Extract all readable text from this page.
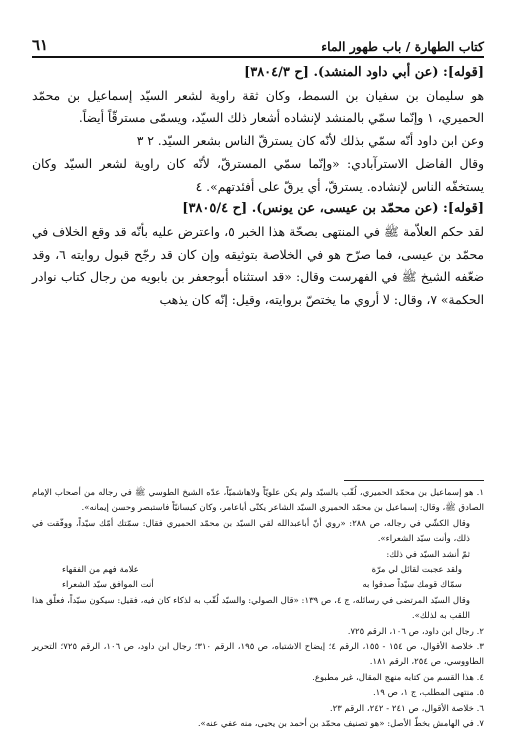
كتاب الطهارة / باب طهور الماء
٦١

[قوله]: (عن أبي داود المنشد). [ح ٣٨٠٤/٣]

هو سليمان بن سفيان بن السمط، وكان ثقة راوية لشعر السيّد إسماعيل بن محمّد الحميري، ١ وإنّما سمّي بالمنشد لإنشاده أشعار ذلك السيّد، ويسمّى مسترقّاً أيضاً.

وعن ابن داود أنّه سمّي بذلك لأنّه كان يسترقّ الناس بشعر السيّد. ٢ ٣

وقال الفاضل الاسترآبادي: «وإنّما سمّي المسترقّ، لأنّه كان راوية لشعر السيّد وكان يستخفّه الناس لإنشاده. يسترقّ، أي يرقّ على أفئدتهم». ٤

[قوله]: (عن محمّد بن عيسى، عن يونس). [ح ٣٨٠٥/٤]

لقد حكم العلاّمة ﷺ في المنتهى بصحّة هذا الخبر ٥، واعترض عليه بأنّه قد وقع الخلاف في محمّد بن عيسى، فما صرّح هو في الخلاصة بتوثيقه وإن كان قد رجّح قبول روايته ٦، وقد ضعّفه الشيخ ﷺ في الفهرست وقال: «قد استثناه أبوجعفر بن بابويه من رجال كتاب نوادر الحكمة» ٧، وقال: لا أروي ما يختصّ بروايته، وقيل: إنّه كان يذهب

١. هو إسماعيل بن محمّد الحميري، لُقّب بالسيّد ولم يكن علويّاً ولاهاشميّاً، عدّه الشيخ الطوسي ﷺ في رجاله من أصحاب الإمام الصادق ﷺ، وقال: إسماعيل بن محمّد الحميري السيّد الشاعر يكنّى أباعامر، وكان كيسانيّاً فاستبصر وحسن إيمانه».

وقال الكشّي في رجاله، ص ٢٨٨: «روي أنّ أباعبدالله لقي السيّد بن محمّد الحميري فقال: سمّتك أمّك سيّداً، ووفّقت في ذلك، وأنت سيّد الشعراء».

ثمّ أنشد السيّد في ذلك:

ولقد عجبت لقائل لي مرّة
علامة فهم من الفقهاء
سمّاك قومك سيّداً صدقوا به
أنت الموافق سيّد الشعراء

وقال السيّد المرتضى في رسائله، ج ٤، ص ١٣٩: «قال الصولي: والسيّد لُقّب به لذكاء كان فيه، فقيل: سيكون سيّداً، فعلّق هذا اللقب به لذلك».

٢. رجال ابن داود، ص ١٠٦، الرقم ٧٢٥.

٣. خلاصة الأقوال، ص ١٥٤ - ١٥٥، الرقم ٤؛ إيضاح الاشتباه، ص ١٩٥، الرقم ٣١٠؛ رجال ابن داود، ص ١٠٦، الرقم ٧٢٥؛ التحرير الطاووسي، ص ٢٥٤، الرقم ١٨١.

٤. هذا القسم من كتابه منهج المقال، غير مطبوع.

٥. منتهى المطلب، ج ١، ص ١٩.

٦. خلاصة الأقوال، ص ٢٤١ - ٢٤٢، الرقم ٢٣.

٧. في الهامش بخطّ الأصل: «هو تصنيف محمّد بن أحمد بن يحيى، منه عفي عنه».
